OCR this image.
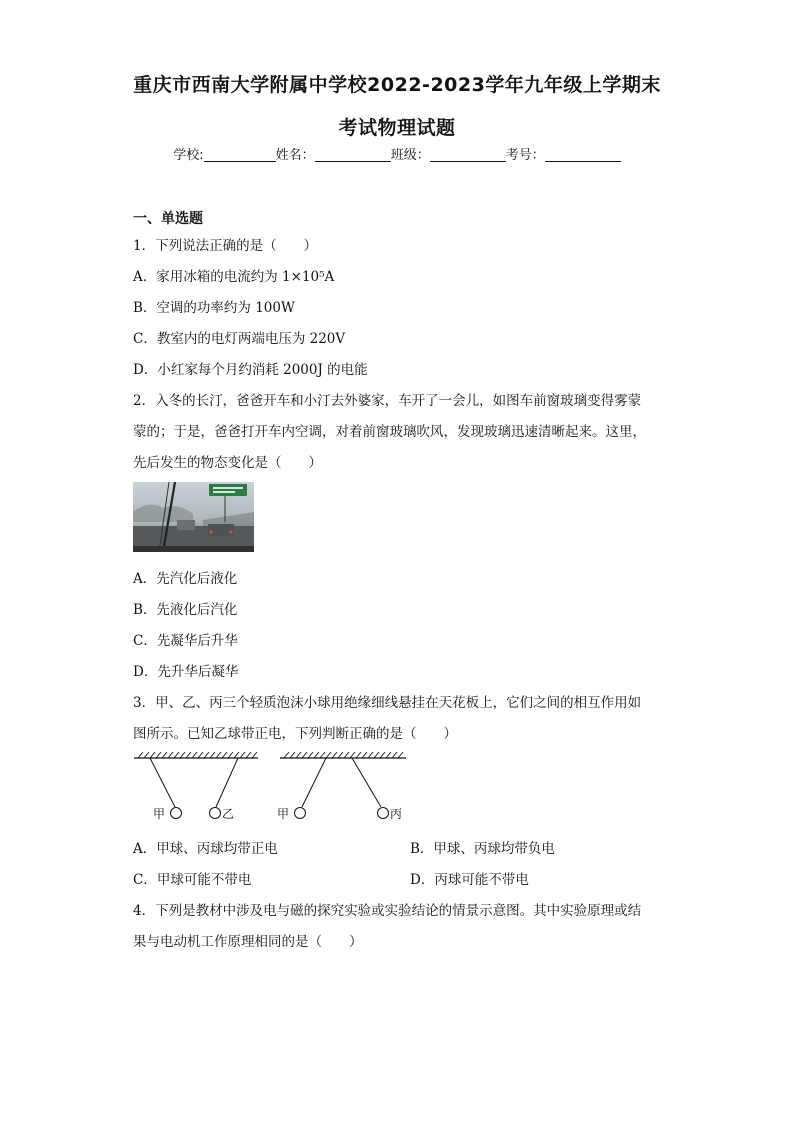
重庆市西南大学附属中学校2022-2023学年九年级上学期末
考试物理试题
学校:	姓名：	班级：	考号：
一、单选题
1．下列说法正确的是（　　）
A．家用冰箱的电流约为 1×10⁵A
B．空调的功率约为 100W
C．教室内的电灯两端电压为 220V
D．小红家每个月约消耗 2000J 的电能
2．入冬的长汀，爸爸开车和小汀去外婆家，车开了一会儿，如图车前窗玻璃变得雾蒙
蒙的；于是，爸爸打开车内空调，对着前窗玻璃吹风，发现玻璃迅速清晰起来。这里，
先后发生的物态变化是（　　）
A．先汽化后液化
B．先液化后汽化
C．先凝华后升华
D．先升华后凝华
3．甲、乙、丙三个轻质泡沫小球用绝缘细线悬挂在天花板上，它们之间的相互作用如
图所示。已知乙球带正电，下列判断正确的是（　　）
甲	乙	甲	丙
A．甲球、丙球均带正电	B．甲球、丙球均带负电
C．甲球可能不带电	D．丙球可能不带电
4．下列是教材中涉及电与磁的探究实验或实验结论的情景示意图。其中实验原理或结
果与电动机工作原理相同的是（　　）
